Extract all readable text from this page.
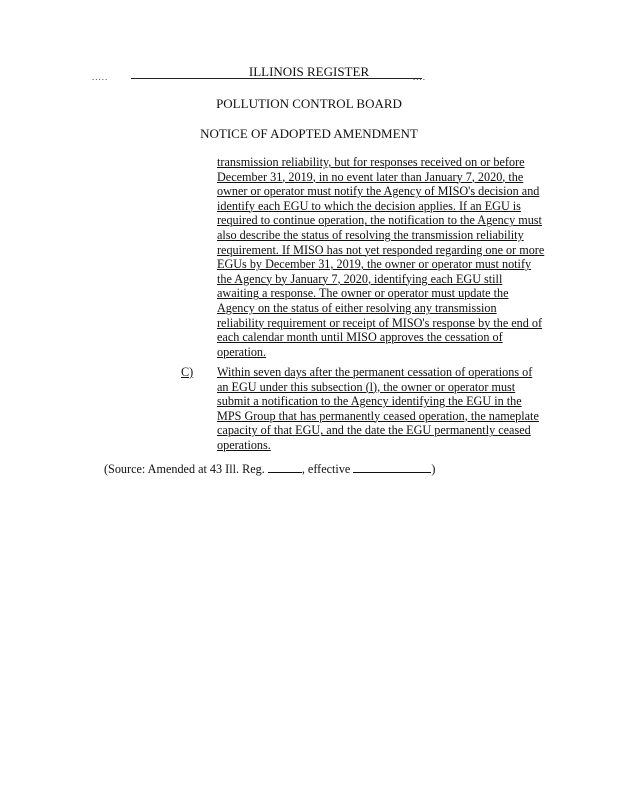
.....	....
ILLINOIS REGISTER
POLLUTION CONTROL BOARD
NOTICE OF ADOPTED AMENDMENT
transmission reliability, but for responses received on or before December 31, 2019, in no event later than January 7, 2020, the owner or operator must notify the Agency of MISO's decision and identify each EGU to which the decision applies. If an EGU is required to continue operation, the notification to the Agency must also describe the status of resolving the transmission reliability requirement. If MISO has not yet responded regarding one or more EGUs by December 31, 2019, the owner or operator must notify the Agency by January 7, 2020, identifying each EGU still awaiting a response. The owner or operator must update the Agency on the status of either resolving any transmission reliability requirement or receipt of MISO's response by the end of each calendar month until MISO approves the cessation of operation.
C) Within seven days after the permanent cessation of operations of an EGU under this subsection (l), the owner or operator must submit a notification to the Agency identifying the EGU in the MPS Group that has permanently ceased operation, the nameplate capacity of that EGU, and the date the EGU permanently ceased operations.
(Source: Amended at 43 Ill. Reg.	, effective	)
